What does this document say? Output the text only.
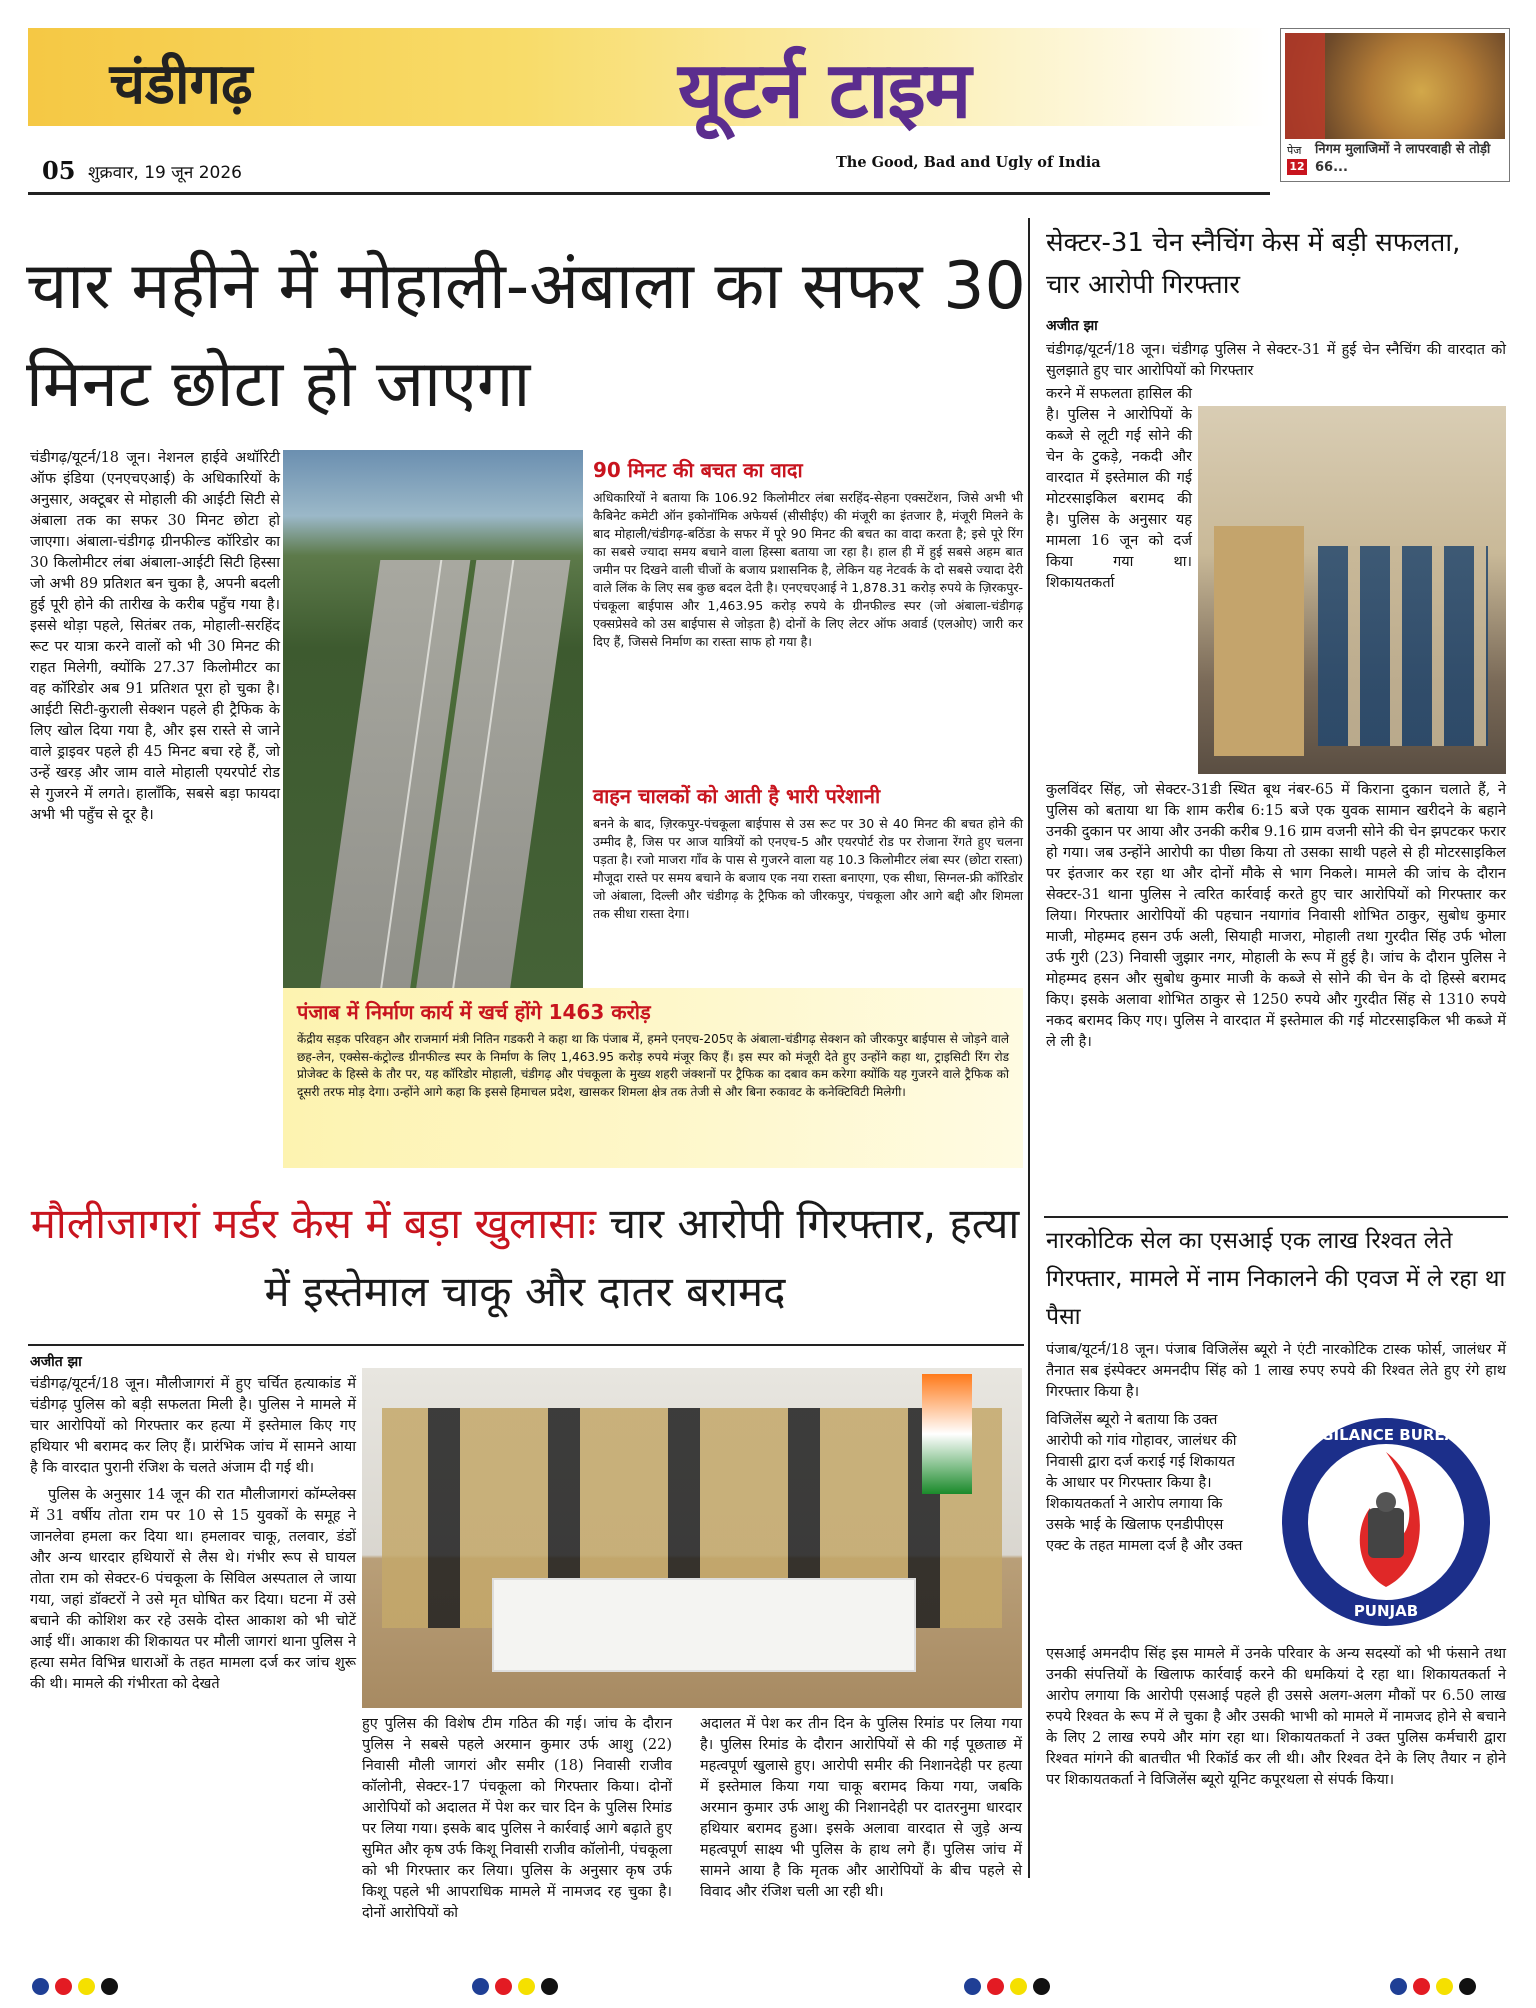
चंडीगढ़	यूटर्न टाइम
05 शुक्रवार, 19 जून 2026
The Good, Bad and Ugly of India
पेज
12
निगम मुलाजिमों ने लापरवाही से तोड़ी 66...
चार महीने में मोहाली-अंबाला का सफर 30 मिनट छोटा हो जाएगा

चंडीगढ़/यूटर्न/18 जून। नेशनल हाईवे अथॉरिटी ऑफ इंडिया (एनएचएआई) के अधिकारियों के अनुसार, अक्टूबर से मोहाली की आईटी सिटी से अंबाला तक का सफर 30 मिनट छोटा हो जाएगा। अंबाला-चंडीगढ़ ग्रीनफील्ड कॉरिडोर का 30 किलोमीटर लंबा अंबाला-आईटी सिटी हिस्सा जो अभी 89 प्रतिशत बन चुका है, अपनी बदली हुई पूरी होने की तारीख के करीब पहुँच गया है। इससे थोड़ा पहले, सितंबर तक, मोहाली-सरहिंद रूट पर यात्रा करने वालों को भी 30 मिनट की राहत मिलेगी, क्योंकि 27.37 किलोमीटर का वह कॉरिडोर अब 91 प्रतिशत पूरा हो चुका है। आईटी सिटी-कुराली सेक्शन पहले ही ट्रैफिक के लिए खोल दिया गया है, और इस रास्ते से जाने वाले ड्राइवर पहले ही 45 मिनट बचा रहे हैं, जो उन्हें खरड़ और जाम वाले मोहाली एयरपोर्ट रोड से गुजरने में लगते। हालाँकि, सबसे बड़ा फायदा अभी भी पहुँच से दूर है।

90 मिनट की बचत का वादा

अधिकारियों ने बताया कि 106.92 किलोमीटर लंबा सरहिंद-सेहना एक्सटेंशन, जिसे अभी भी कैबिनेट कमेटी ऑन इकोनॉमिक अफेयर्स (सीसीईए) की मंजूरी का इंतजार है, मंजूरी मिलने के बाद मोहाली/चंडीगढ़-बठिंडा के सफर में पूरे 90 मिनट की बचत का वादा करता है; इसे पूरे रिंग का सबसे ज्यादा समय बचाने वाला हिस्सा बताया जा रहा है। हाल ही में हुई सबसे अहम बात जमीन पर दिखने वाली चीजों के बजाय प्रशासनिक है, लेकिन यह नेटवर्क के दो सबसे ज्यादा देरी वाले लिंक के लिए सब कुछ बदल देती है। एनएचएआई ने 1,878.31 करोड़ रुपये के ज़िरकपुर-पंचकूला बाईपास और 1,463.95 करोड़ रुपये के ग्रीनफील्ड स्पर (जो अंबाला-चंडीगढ़ एक्सप्रेसवे को उस बाईपास से जोड़ता है) दोनों के लिए लेटर ऑफ अवार्ड (एलओए) जारी कर दिए हैं, जिससे निर्माण का रास्ता साफ हो गया है।

वाहन चालकों को आती है भारी परेशानी

बनने के बाद, ज़िरकपुर-पंचकूला बाईपास से उस रूट पर 30 से 40 मिनट की बचत होने की उम्मीद है, जिस पर आज यात्रियों को एनएच-5 और एयरपोर्ट रोड पर रोजाना रेंगते हुए चलना पड़ता है। रजो माजरा गाँव के पास से गुजरने वाला यह 10.3 किलोमीटर लंबा स्पर (छोटा रास्ता) मौजूदा रास्ते पर समय बचाने के बजाय एक नया रास्ता बनाएगा, एक सीधा, सिग्नल-फ्री कॉरिडोर जो अंबाला, दिल्ली और चंडीगढ़ के ट्रैफिक को जीरकपुर, पंचकूला और आगे बद्दी और शिमला तक सीधा रास्ता देगा।

पंजाब में निर्माण कार्य में खर्च होंगे 1463 करोड़

केंद्रीय सड़क परिवहन और राजमार्ग मंत्री नितिन गडकरी ने कहा था कि पंजाब में, हमने एनएच-205ए के अंबाला-चंडीगढ़ सेक्शन को जीरकपुर बाईपास से जोड़ने वाले छह-लेन, एक्सेस-कंट्रोल्ड ग्रीनफील्ड स्पर के निर्माण के लिए 1,463.95 करोड़ रुपये मंजूर किए हैं। इस स्पर को मंजूरी देते हुए उन्होंने कहा था, ट्राइसिटी रिंग रोड प्रोजेक्ट के हिस्से के तौर पर, यह कॉरिडोर मोहाली, चंडीगढ़ और पंचकूला के मुख्य शहरी जंक्शनों पर ट्रैफिक का दबाव कम करेगा क्योंकि यह गुजरने वाले ट्रैफिक को दूसरी तरफ मोड़ देगा। उन्होंने आगे कहा कि इससे हिमाचल प्रदेश, खासकर शिमला क्षेत्र तक तेजी से और बिना रुकावट के कनेक्टिविटी मिलेगी।

मौलीजागरां मर्डर केस में बड़ा खुलासाः चार आरोपी गिरफ्तार, हत्या में इस्तेमाल चाकू और दातर बरामद
अजीत झा

चंडीगढ़/यूटर्न/18 जून। मौलीजागरां में हुए चर्चित हत्याकांड में चंडीगढ़ पुलिस को बड़ी सफलता मिली है। पुलिस ने मामले में चार आरोपियों को गिरफ्तार कर हत्या में इस्तेमाल किए गए हथियार भी बरामद कर लिए हैं। प्रारंभिक जांच में सामने आया है कि वारदात पुरानी रंजिश के चलते अंजाम दी गई थी।

पुलिस के अनुसार 14 जून की रात मौलीजागरां कॉम्प्लेक्स में 31 वर्षीय तोता राम पर 10 से 15 युवकों के समूह ने जानलेवा हमला कर दिया था। हमलावर चाकू, तलवार, डंडों और अन्य धारदार हथियारों से लैस थे। गंभीर रूप से घायल तोता राम को सेक्टर-6 पंचकूला के सिविल अस्पताल ले जाया गया, जहां डॉक्टरों ने उसे मृत घोषित कर दिया। घटना में उसे बचाने की कोशिश कर रहे उसके दोस्त आकाश को भी चोटें आई थीं। आकाश की शिकायत पर मौली जागरां थाना पुलिस ने हत्या समेत विभिन्न धाराओं के तहत मामला दर्ज कर जांच शुरू की थी। मामले की गंभीरता को देखते

हुए पुलिस की विशेष टीम गठित की गई। जांच के दौरान पुलिस ने सबसे पहले अरमान कुमार उर्फ आशु (22) निवासी मौली जागरां और समीर (18) निवासी राजीव कॉलोनी, सेक्टर-17 पंचकूला को गिरफ्तार किया। दोनों आरोपियों को अदालत में पेश कर चार दिन के पुलिस रिमांड पर लिया गया। इसके बाद पुलिस ने कार्रवाई आगे बढ़ाते हुए सुमित और कृष उर्फ किशू निवासी राजीव कॉलोनी, पंचकूला को भी गिरफ्तार कर लिया। पुलिस के अनुसार कृष उर्फ किशू पहले भी आपराधिक मामले में नामजद रह चुका है। दोनों आरोपियों को

अदालत में पेश कर तीन दिन के पुलिस रिमांड पर लिया गया है। पुलिस रिमांड के दौरान आरोपियों से की गई पूछताछ में महत्वपूर्ण खुलासे हुए। आरोपी समीर की निशानदेही पर हत्या में इस्तेमाल किया गया चाकू बरामद किया गया, जबकि अरमान कुमार उर्फ आशु की निशानदेही पर दातरनुमा धारदार हथियार बरामद हुआ। इसके अलावा वारदात से जुड़े अन्य महत्वपूर्ण साक्ष्य भी पुलिस के हाथ लगे हैं। पुलिस जांच में सामने आया है कि मृतक और आरोपियों के बीच पहले से विवाद और रंजिश चली आ रही थी।

सेक्टर-31 चेन स्नैचिंग केस में बड़ी सफलता, चार आरोपी गिरफ्तार
अजीत झा

चंडीगढ़/यूटर्न/18 जून। चंडीगढ़ पुलिस ने सेक्टर-31 में हुई चेन स्नैचिंग की वारदात को सुलझाते हुए चार आरोपियों को गिरफ्तार

करने में सफलता हासिल की है। पुलिस ने आरोपियों के कब्जे से लूटी गई सोने की चेन के टुकड़े, नकदी और वारदात में इस्तेमाल की गई मोटरसाइकिल बरामद की है। पुलिस के अनुसार यह मामला 16 जून को दर्ज किया गया था। शिकायतकर्ता

कुलविंदर सिंह, जो सेक्टर-31डी स्थित बूथ नंबर-65 में किराना दुकान चलाते हैं, ने पुलिस को बताया था कि शाम करीब 6:15 बजे एक युवक सामान खरीदने के बहाने उनकी दुकान पर आया और उनकी करीब 9.16 ग्राम वजनी सोने की चेन झपटकर फरार हो गया। जब उन्होंने आरोपी का पीछा किया तो उसका साथी पहले से ही मोटरसाइकिल पर इंतजार कर रहा था और दोनों मौके से भाग निकले। मामले की जांच के दौरान सेक्टर-31 थाना पुलिस ने त्वरित कार्रवाई करते हुए चार आरोपियों को गिरफ्तार कर लिया। गिरफ्तार आरोपियों की पहचान नयागांव निवासी शोभित ठाकुर, सुबोध कुमार माजी, मोहम्मद हसन उर्फ अली, सियाही माजरा, मोहाली तथा गुरदीत सिंह उर्फ भोला उर्फ गुरी (23) निवासी जुझार नगर, मोहाली के रूप में हुई है। जांच के दौरान पुलिस ने मोहम्मद हसन और सुबोध कुमार माजी के कब्जे से सोने की चेन के दो हिस्से बरामद किए। इसके अलावा शोभित ठाकुर से 1250 रुपये और गुरदीत सिंह से 1310 रुपये नकद बरामद किए गए। पुलिस ने वारदात में इस्तेमाल की गई मोटरसाइकिल भी कब्जे में ले ली है।

नारकोटिक सेल का एसआई एक लाख रिश्वत लेते गिरफ्तार, मामले में नाम निकालने की एवज में ले रहा था पैसा

पंजाब/यूटर्न/18 जून। पंजाब विजिलेंस ब्यूरो ने एंटी नारकोटिक टास्क फोर्स, जालंधर में तैनात सब इंस्पेक्टर अमनदीप सिंह को 1 लाख रुपए रुपये की रिश्वत लेते हुए रंगे हाथ गिरफ्तार किया है।

विजिलेंस ब्यूरो ने बताया कि उक्त आरोपी को गांव गोहावर, जालंधर की निवासी द्वारा दर्ज कराई गई शिकायत के आधार पर गिरफ्तार किया है। शिकायतकर्ता ने आरोप लगाया कि उसके भाई के खिलाफ एनडीपीएस एक्ट के तहत मामला दर्ज है और उक्त

VIGILANCE BUREAU
PUNJAB

एसआई अमनदीप सिंह इस मामले में उनके परिवार के अन्य सदस्यों को भी फंसाने तथा उनकी संपत्तियों के खिलाफ कार्रवाई करने की धमकियां दे रहा था। शिकायतकर्ता ने आरोप लगाया कि आरोपी एसआई पहले ही उससे अलग-अलग मौकों पर 6.50 लाख रुपये रिश्वत के रूप में ले चुका है और उसकी भाभी को मामले में नामजद होने से बचाने के लिए 2 लाख रुपये और मांग रहा था। शिकायतकर्ता ने उक्त पुलिस कर्मचारी द्वारा रिश्वत मांगने की बातचीत भी रिकॉर्ड कर ली थी। और रिश्वत देने के लिए तैयार न होने पर शिकायतकर्ता ने विजिलेंस ब्यूरो यूनिट कपूरथला से संपर्क किया।
